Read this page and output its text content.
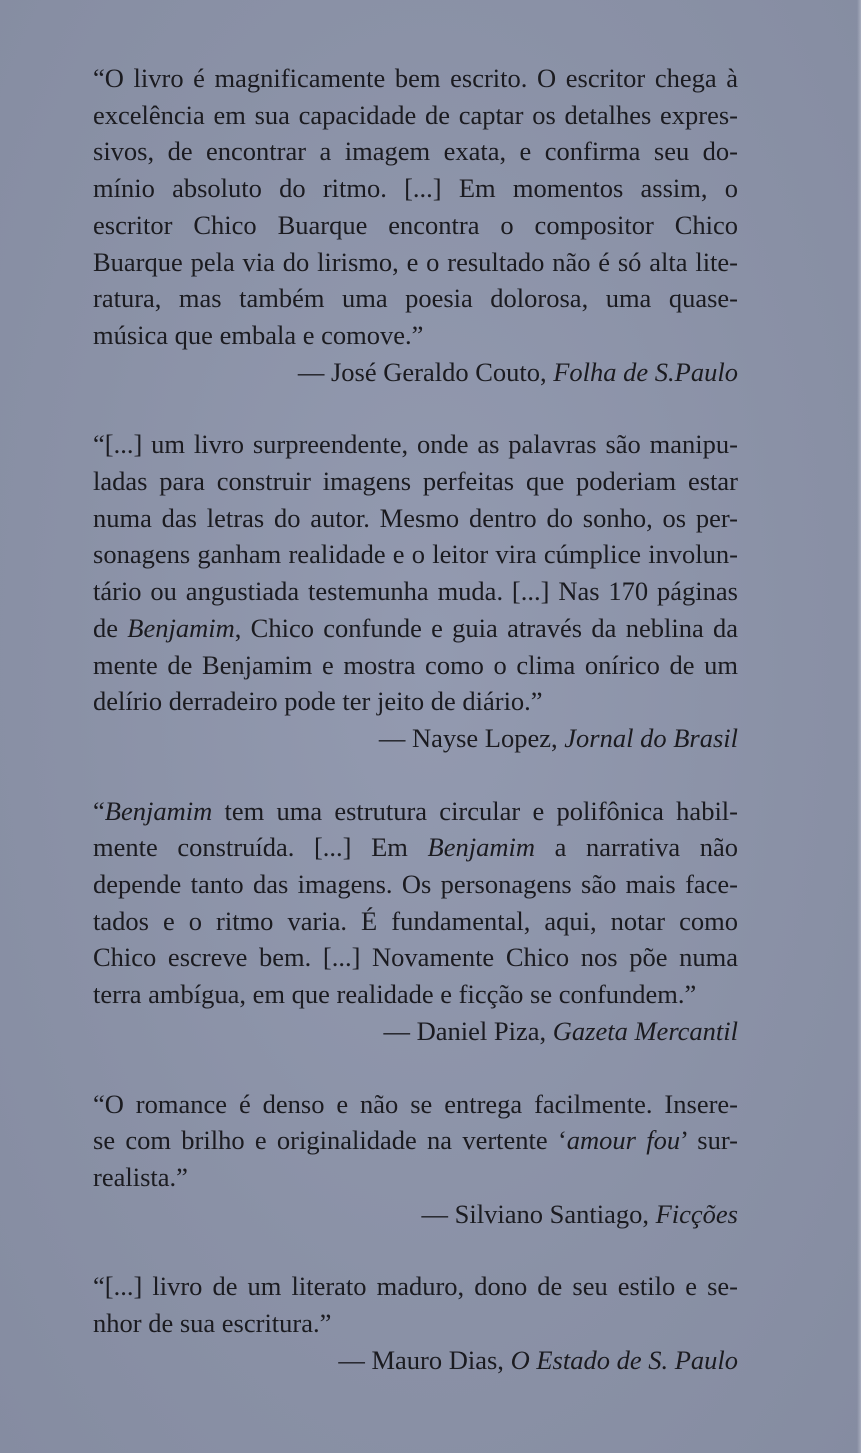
“O livro é magnificamente bem escrito. O escritor chega à
excelência em sua capacidade de captar os detalhes expres-
sivos, de encontrar a imagem exata, e confirma seu do-
mínio absoluto do ritmo. [...] Em momentos assim, o
escritor Chico Buarque encontra o compositor Chico
Buarque pela via do lirismo, e o resultado não é só alta lite-
ratura, mas também uma poesia dolorosa, uma quase-
música que embala e comove.”

— José Geraldo Couto, Folha de S.Paulo

“[...] um livro surpreendente, onde as palavras são manipu-
ladas para construir imagens perfeitas que poderiam estar
numa das letras do autor. Mesmo dentro do sonho, os per-
sonagens ganham realidade e o leitor vira cúmplice involun-
tário ou angustiada testemunha muda. [...] Nas 170 páginas
de Benjamim, Chico confunde e guia através da neblina da
mente de Benjamim e mostra como o clima onírico de um
delírio derradeiro pode ter jeito de diário.”

— Nayse Lopez, Jornal do Brasil

“Benjamim tem uma estrutura circular e polifônica habil-
mente construída. [...] Em Benjamim a narrativa não
depende tanto das imagens. Os personagens são mais face-
tados e o ritmo varia. É fundamental, aqui, notar como
Chico escreve bem. [...] Novamente Chico nos põe numa
terra ambígua, em que realidade e ficção se confundem.”

— Daniel Piza, Gazeta Mercantil

“O romance é denso e não se entrega facilmente. Insere-
se com brilho e originalidade na vertente ‘amour fou’ sur-
realista.”

— Silviano Santiago, Ficções

“[...] livro de um literato maduro, dono de seu estilo e se-
nhor de sua escritura.”

— Mauro Dias, O Estado de S. Paulo
